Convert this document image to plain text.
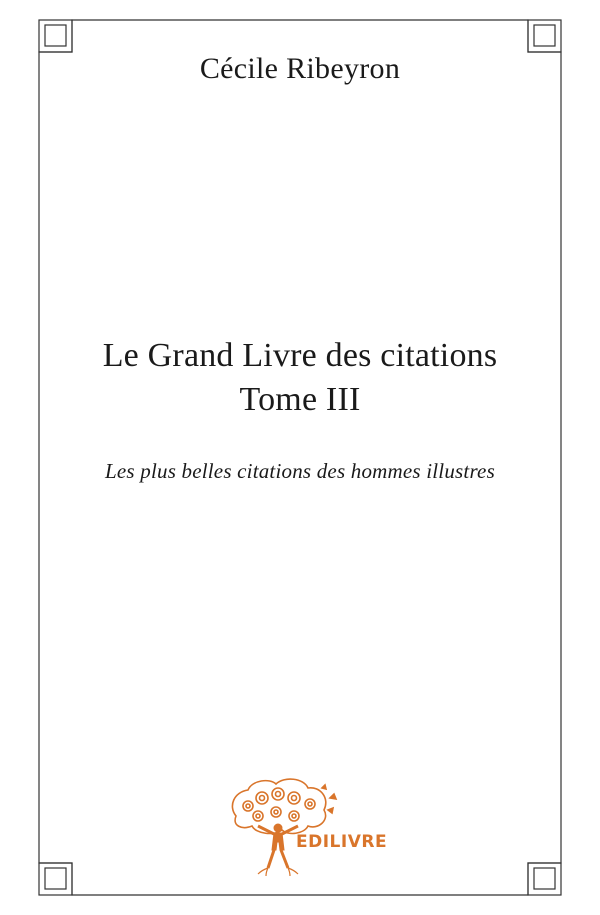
Cécile Ribeyron
Le Grand Livre des citations
Tome III
Les plus belles citations des hommes illustres
EDILIVRE
